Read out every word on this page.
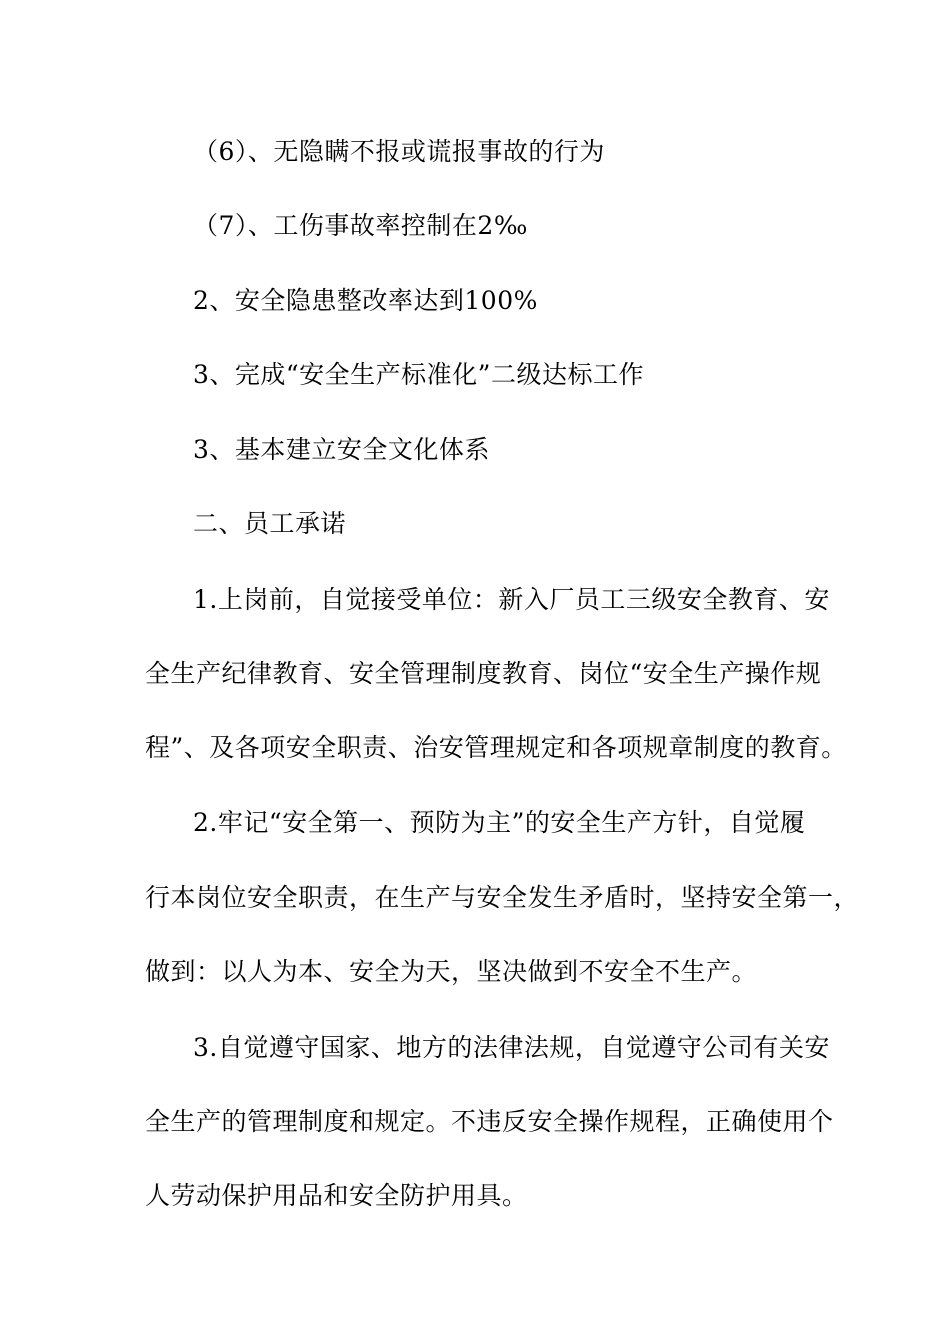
（6）、无隐瞒不报或谎报事故的行为
（7）、工伤事故率控制在2‰
2、安全隐患整改率达到100%
3、完成“安全生产标准化”二级达标工作
3、基本建立安全文化体系
二、员工承诺
1.上岗前，自觉接受单位：新入厂员工三级安全教育、安
全生产纪律教育、安全管理制度教育、岗位“安全生产操作规
程”、及各项安全职责、治安管理规定和各项规章制度的教育。
2.牢记“安全第一、预防为主”的安全生产方针，自觉履
行本岗位安全职责，在生产与安全发生矛盾时，坚持安全第一，
做到：以人为本、安全为天，坚决做到不安全不生产。
3.自觉遵守国家、地方的法律法规，自觉遵守公司有关安
全生产的管理制度和规定。不违反安全操作规程，正确使用个
人劳动保护用品和安全防护用具。
